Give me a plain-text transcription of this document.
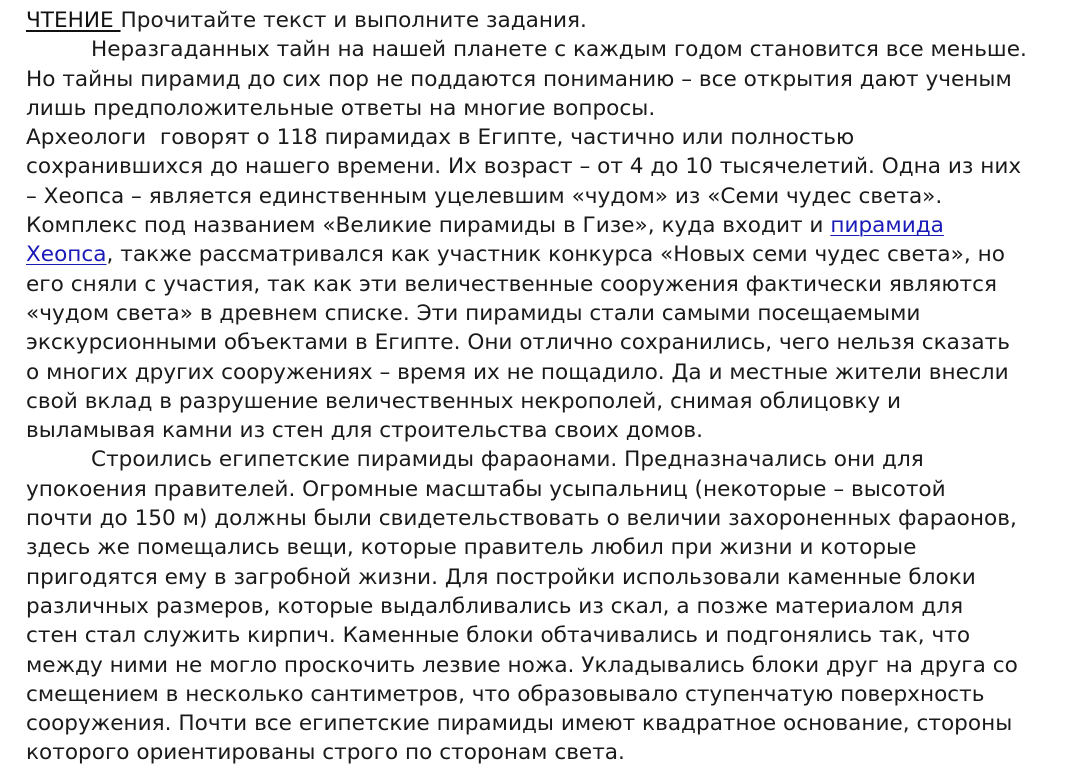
ЧТЕНИЕ Прочитайте текст и выполните задания.
Неразгаданных тайн на нашей планете с каждым годом становится все меньше.
Но тайны пирамид до сих пор не поддаются пониманию – все открытия дают ученым
лишь предположительные ответы на многие вопросы.
Археологи  говорят о 118 пирамидах в Египте, частично или полностью
сохранившихся до нашего времени. Их возраст – от 4 до 10 тысячелетий. Одна из них
– Хеопса – является единственным уцелевшим «чудом» из «Семи чудес света».
Комплекс под названием «Великие пирамиды в Гизе», куда входит и пирамида
Хеопса, также рассматривался как участник конкурса «Новых семи чудес света», но
его сняли с участия, так как эти величественные сооружения фактически являются
«чудом света» в древнем списке. Эти пирамиды стали самыми посещаемыми
экскурсионными объектами в Египте. Они отлично сохранились, чего нельзя сказать
о многих других сооружениях – время их не пощадило. Да и местные жители внесли
свой вклад в разрушение величественных некрополей, снимая облицовку и
выламывая камни из стен для строительства своих домов.
Строились египетские пирамиды фараонами. Предназначались они для
упокоения правителей. Огромные масштабы усыпальниц (некоторые – высотой
почти до 150 м) должны были свидетельствовать о величии захороненных фараонов,
здесь же помещались вещи, которые правитель любил при жизни и которые
пригодятся ему в загробной жизни. Для постройки использовали каменные блоки
различных размеров, которые выдалбливались из скал, а позже материалом для
стен стал служить кирпич. Каменные блоки обтачивались и подгонялись так, что
между ними не могло проскочить лезвие ножа. Укладывались блоки друг на друга со
смещением в несколько сантиметров, что образовывало ступенчатую поверхность
сооружения. Почти все египетские пирамиды имеют квадратное основание, стороны
которого ориентированы строго по сторонам света.
